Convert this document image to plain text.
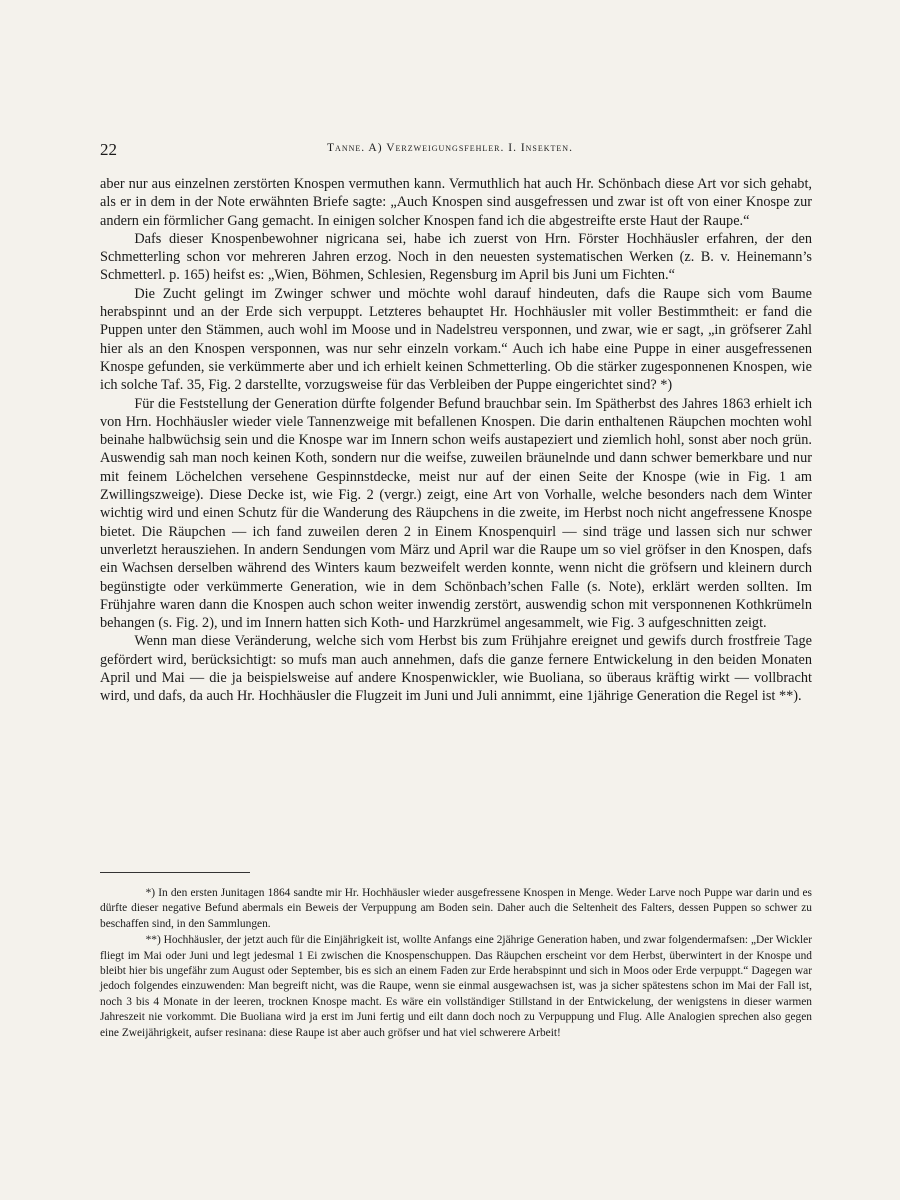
22	Tanne. A) Verzweigungsfehler. I. Insekten.

aber nur aus einzelnen zerstörten Knospen vermuthen kann. Vermuthlich hat auch Hr. Schönbach diese Art vor sich gehabt, als er in dem in der Note erwähnten Briefe sagte: „Auch Knospen sind ausgefressen und zwar ist oft von einer Knospe zur andern ein förmlicher Gang gemacht. In einigen solcher Knospen fand ich die abgestreifte erste Haut der Raupe.“

Dafs dieser Knospenbewohner nigricana sei, habe ich zuerst von Hrn. Förster Hochhäusler erfahren, der den Schmetterling schon vor mehreren Jahren erzog. Noch in den neuesten systematischen Werken (z. B. v. Heinemann’s Schmetterl. p. 165) heifst es: „Wien, Böhmen, Schlesien, Regensburg im April bis Juni um Fichten.“

Die Zucht gelingt im Zwinger schwer und möchte wohl darauf hindeuten, dafs die Raupe sich vom Baume herabspinnt und an der Erde sich verpuppt. Letzteres behauptet Hr. Hochhäusler mit voller Bestimmtheit: er fand die Puppen unter den Stämmen, auch wohl im Moose und in Nadelstreu versponnen, und zwar, wie er sagt, „in gröfserer Zahl hier als an den Knospen versponnen, was nur sehr einzeln vorkam.“ Auch ich habe eine Puppe in einer ausgefressenen Knospe gefunden, sie verkümmerte aber und ich erhielt keinen Schmetterling. Ob die stärker zugesponnenen Knospen, wie ich solche Taf. 35, Fig. 2 darstellte, vorzugsweise für das Verbleiben der Puppe eingerichtet sind? *)

Für die Feststellung der Generation dürfte folgender Befund brauchbar sein. Im Spätherbst des Jahres 1863 erhielt ich von Hrn. Hochhäusler wieder viele Tannenzweige mit befallenen Knospen. Die darin enthaltenen Räupchen mochten wohl beinahe halbwüchsig sein und die Knospe war im Innern schon weifs austapeziert und ziemlich hohl, sonst aber noch grün. Auswendig sah man noch keinen Koth, sondern nur die weifse, zuweilen bräunelnde und dann schwer bemerkbare und nur mit feinem Löchelchen versehene Gespinnstdecke, meist nur auf der einen Seite der Knospe (wie in Fig. 1 am Zwillingszweige). Diese Decke ist, wie Fig. 2 (vergr.) zeigt, eine Art von Vorhalle, welche besonders nach dem Winter wichtig wird und einen Schutz für die Wanderung des Räupchens in die zweite, im Herbst noch nicht angefressene Knospe bietet. Die Räupchen — ich fand zuweilen deren 2 in Einem Knospenquirl — sind träge und lassen sich nur schwer unverletzt herausziehen. In andern Sendungen vom März und April war die Raupe um so viel gröfser in den Knospen, dafs ein Wachsen derselben während des Winters kaum bezweifelt werden konnte, wenn nicht die gröfsern und kleinern durch begünstigte oder verkümmerte Generation, wie in dem Schönbach’schen Falle (s. Note), erklärt werden sollten. Im Frühjahre waren dann die Knospen auch schon weiter inwendig zerstört, auswendig schon mit versponnenen Kothkrümeln behangen (s. Fig. 2), und im Innern hatten sich Koth- und Harzkrümel angesammelt, wie Fig. 3 aufgeschnitten zeigt.

Wenn man diese Veränderung, welche sich vom Herbst bis zum Frühjahre ereignet und gewifs durch frostfreie Tage gefördert wird, berücksichtigt: so mufs man auch annehmen, dafs die ganze fernere Entwickelung in den beiden Monaten April und Mai — die ja beispielsweise auf andere Knospenwickler, wie Buoliana, so überaus kräftig wirkt — vollbracht wird, und dafs, da auch Hr. Hochhäusler die Flugzeit im Juni und Juli annimmt, eine 1jährige Generation die Regel ist **).

*) In den ersten Junitagen 1864 sandte mir Hr. Hochhäusler wieder ausgefressene Knospen in Menge. Weder Larve noch Puppe war darin und es dürfte dieser negative Befund abermals ein Beweis der Verpuppung am Boden sein. Daher auch die Seltenheit des Falters, dessen Puppen so schwer zu beschaffen sind, in den Sammlungen.

**) Hochhäusler, der jetzt auch für die Einjährigkeit ist, wollte Anfangs eine 2jährige Generation haben, und zwar folgendermafsen: „Der Wickler fliegt im Mai oder Juni und legt jedesmal 1 Ei zwischen die Knospenschuppen. Das Räupchen erscheint vor dem Herbst, überwintert in der Knospe und bleibt hier bis ungefähr zum August oder September, bis es sich an einem Faden zur Erde herabspinnt und sich in Moos oder Erde verpuppt.“ Dagegen war jedoch folgendes einzuwenden: Man begreift nicht, was die Raupe, wenn sie einmal ausgewachsen ist, was ja sicher spätestens schon im Mai der Fall ist, noch 3 bis 4 Monate in der leeren, trocknen Knospe macht. Es wäre ein vollständiger Stillstand in der Entwickelung, der wenigstens in dieser warmen Jahreszeit nie vorkommt. Die Buoliana wird ja erst im Juni fertig und eilt dann doch noch zu Verpuppung und Flug. Alle Analogien sprechen also gegen eine Zweijährigkeit, aufser resinana: diese Raupe ist aber auch gröfser und hat viel schwerere Arbeit!
